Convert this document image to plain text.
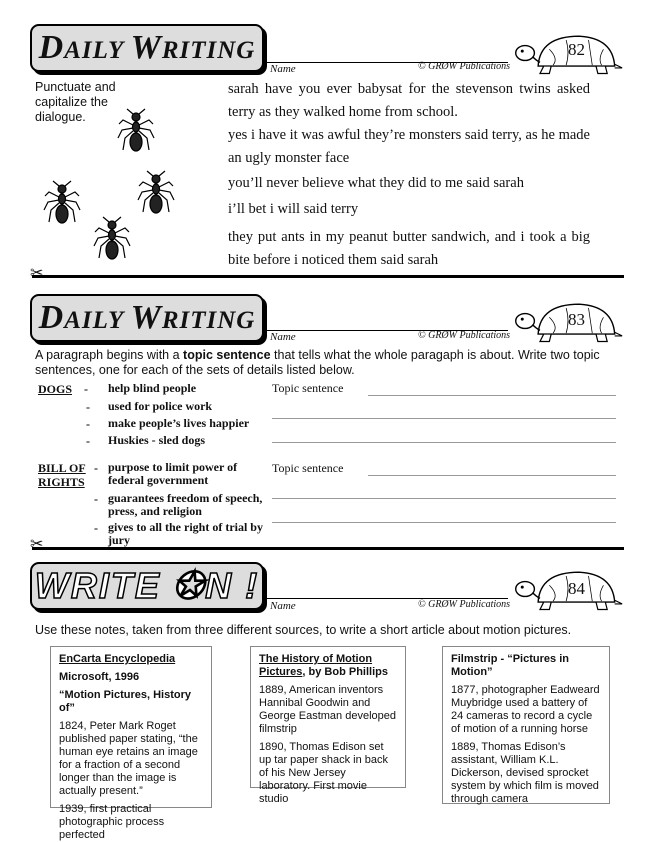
DAILY WRITING
Name	© GRØW Publications
82
Punctuate and capitalize the dialogue.
sarah have you ever babysat for the stevenson twins asked terry as they walked home from school.
yes i have it was awful they’re monsters said terry, as he made an ugly monster face
you’ll never believe what they did to me said sarah
i’ll bet i will said terry
they put ants in my peanut butter sandwich, and i took a big bite before i noticed them said sarah
✂
DAILY WRITING
Name	© GRØW Publications
83
A paragraph begins with a topic sentence that tells what the whole paragaph is about. Write two topic sentences, one for each of the sets of details listed below.
DOGS - help blind people
- used for police work
- make people’s lives happier
- Huskies - sled dogs
Topic sentence
BILL OF
RIGHTS
- purpose to limit power of federal government
- guarantees freedom of speech, press, and religion
- gives to all the right of trial by jury
Topic sentence
✂
WRITE ✪N ! Name	© GRØW Publications
84
Use these notes, taken from three different sources, to write a short article about motion pictures.

EnCarta Encyclopedia

Microsoft, 1996

“Motion Pictures, History of”

1824, Peter Mark Roget published paper stating, “the human eye retains an image for a fraction of a second longer than the image is actually present.”

1939, first practical photographic process perfected

The History of Motion Pictures, by Bob Phillips

1889, American inventors Hannibal Goodwin and George Eastman developed filmstrip

1890, Thomas Edison set up tar paper shack in back of his New Jersey laboratory. First movie studio

Filmstrip - “Pictures in Motion”

1877, photographer Eadweard Muybridge used a battery of 24 cameras to record a cycle of motion of a running horse

1889, Thomas Edison’s assistant, William K.L. Dickerson, devised sprocket system by which film is moved through camera
